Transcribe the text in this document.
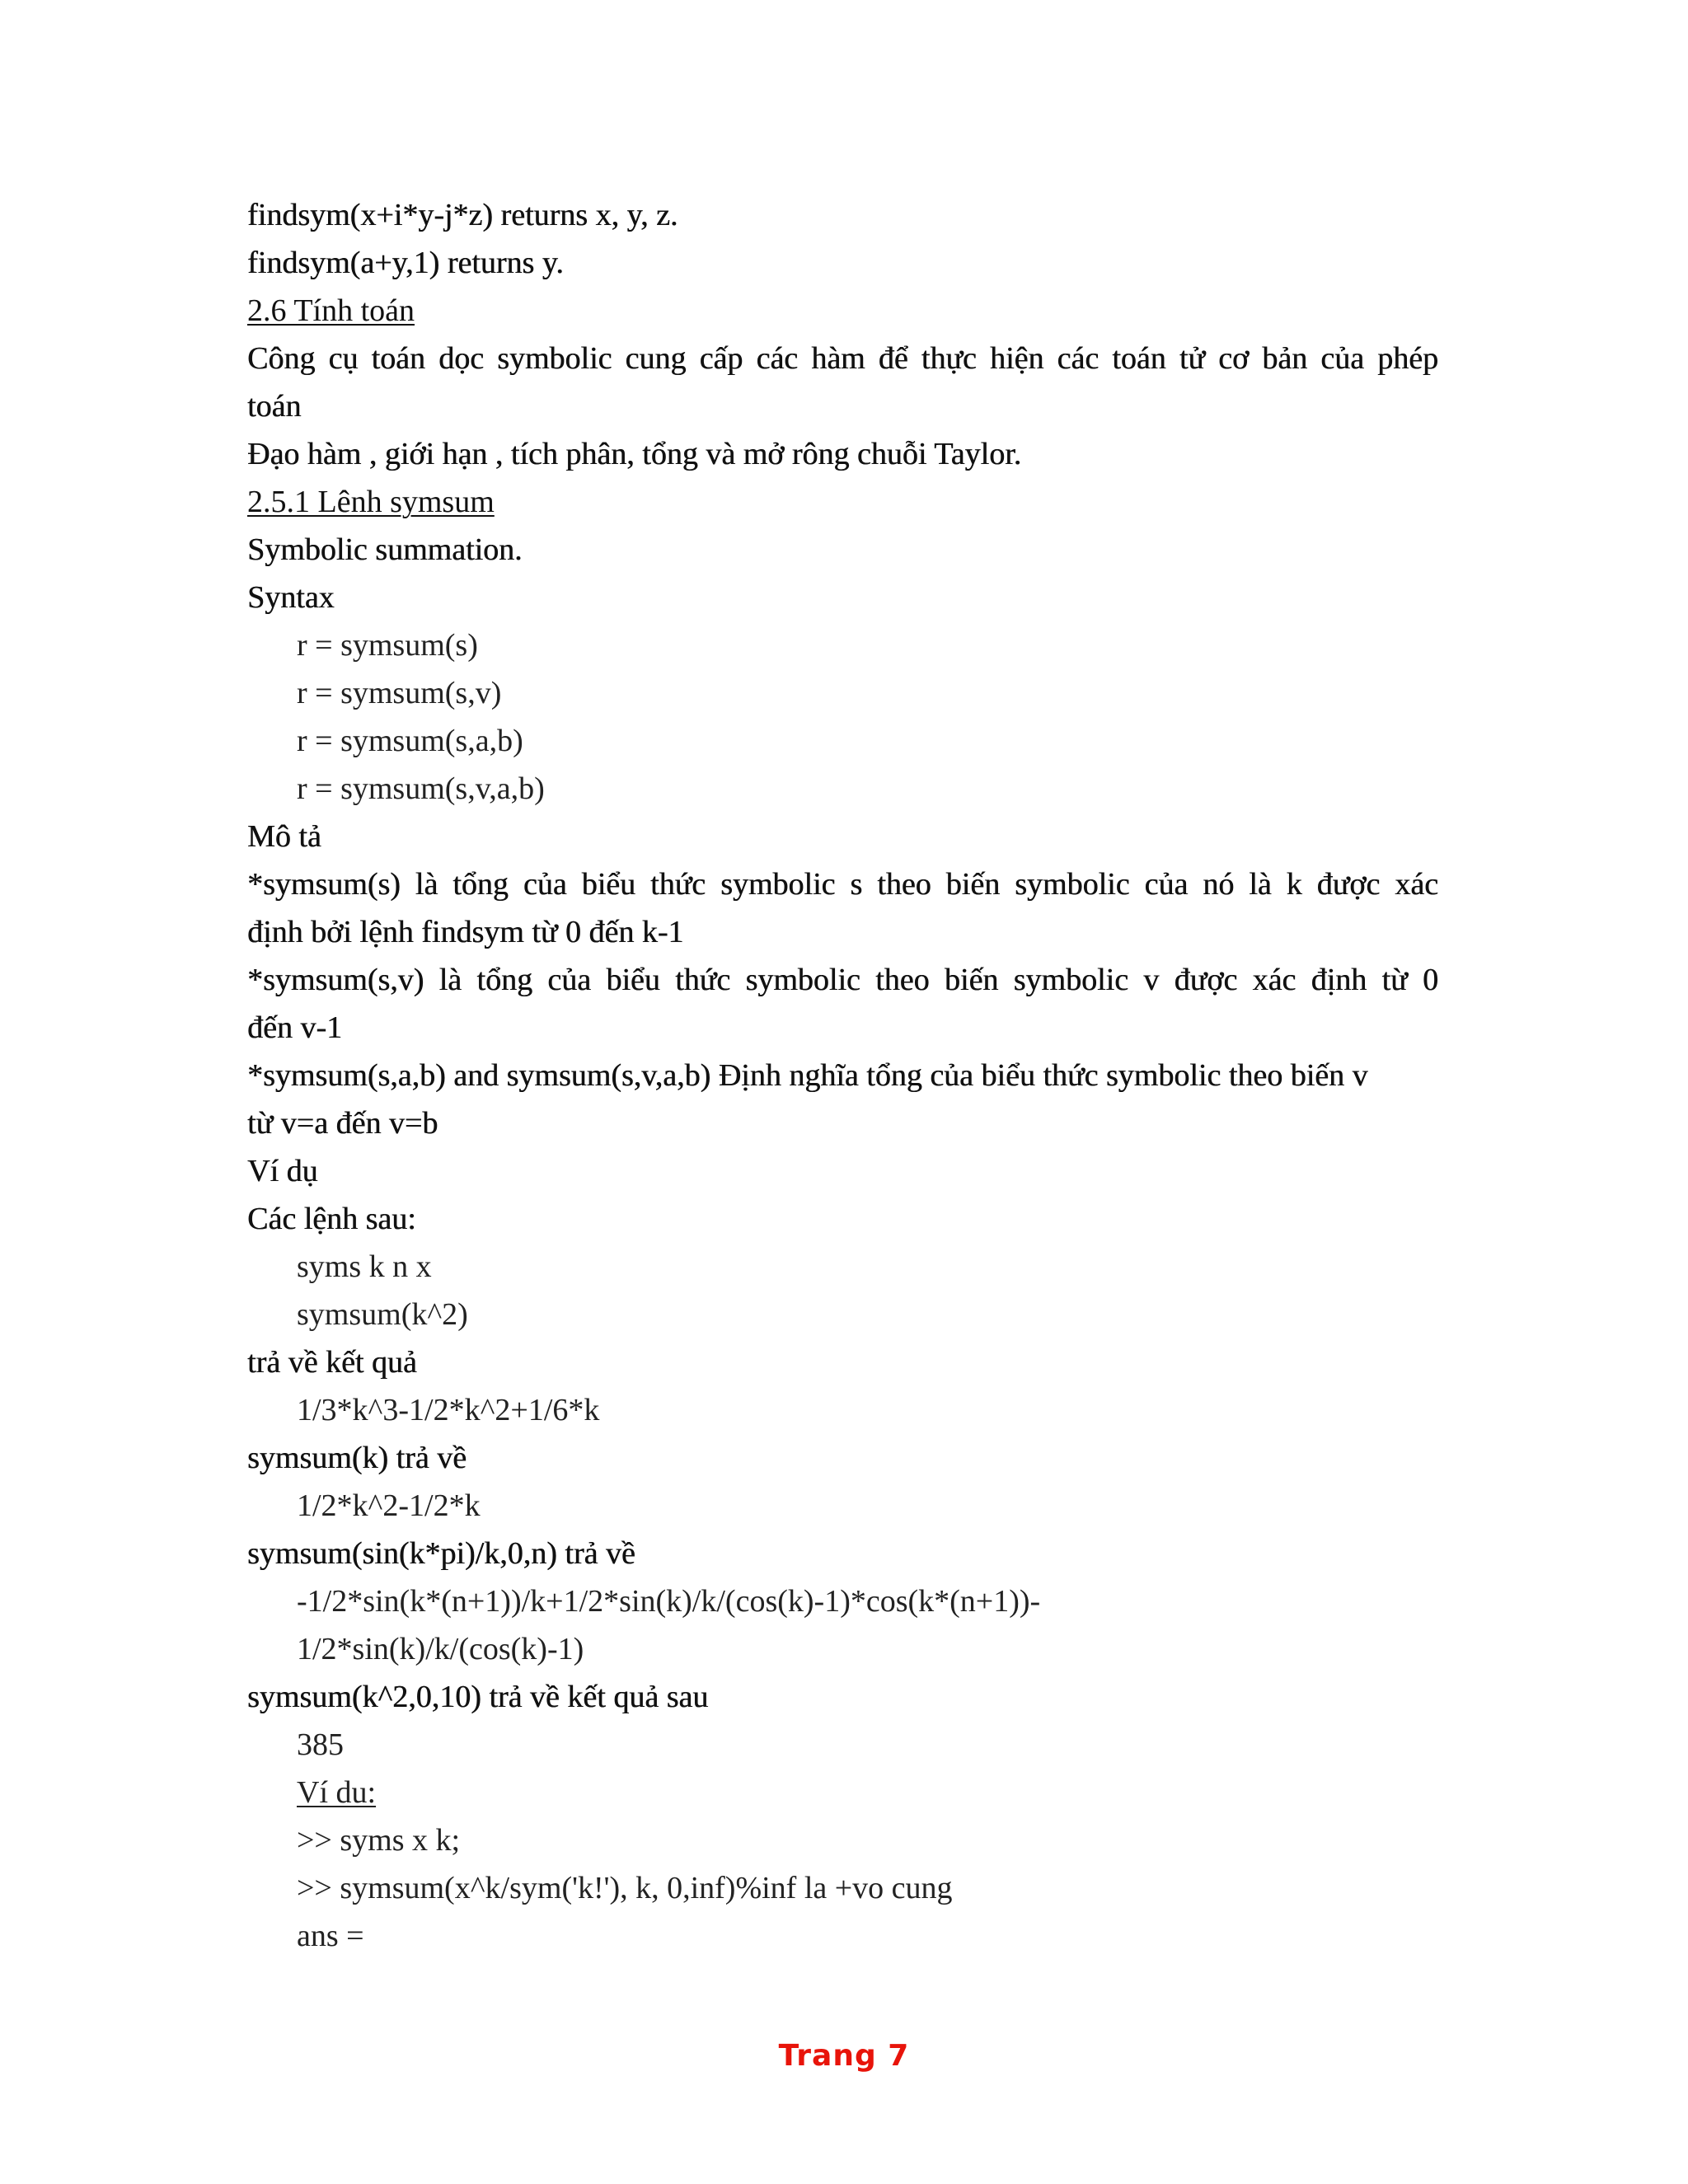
findsym(x+i*y-j*z) returns x, y, z.
findsym(a+y,1) returns y.
2.6 Tính toán
Công cụ toán dọc symbolic cung cấp các hàm để thực hiện các toán tử cơ bản của phép
toán
Đạo hàm , giới hạn , tích phân, tổng và mở rông chuỗi Taylor.
2.5.1 Lênh symsum
Symbolic summation.
Syntax
r = symsum(s)
r = symsum(s,v)
r = symsum(s,a,b)
r = symsum(s,v,a,b)
Mô tả
*symsum(s) là tổng của biểu thức symbolic s theo biến symbolic của nó là k được xác
định bởi lệnh findsym từ 0 đến k-1
*symsum(s,v) là tổng của biểu thức symbolic theo biến symbolic v được xác định từ 0
đến v-1
*symsum(s,a,b) and symsum(s,v,a,b) Định nghĩa tổng của biểu thức symbolic theo biến v
từ v=a đến v=b
Ví dụ
Các lệnh sau:
syms k n x
symsum(k^2)
trả về kết quả
1/3*k^3-1/2*k^2+1/6*k
symsum(k) trả về
1/2*k^2-1/2*k
symsum(sin(k*pi)/k,0,n) trả về
-1/2*sin(k*(n+1))/k+1/2*sin(k)/k/(cos(k)-1)*cos(k*(n+1))-
1/2*sin(k)/k/(cos(k)-1)
symsum(k^2,0,10) trả về kết quả sau
385
Ví du:
>> syms x k;
>> symsum(x^k/sym('k!'), k, 0,inf)%inf la +vo cung
ans =
Trang 7
